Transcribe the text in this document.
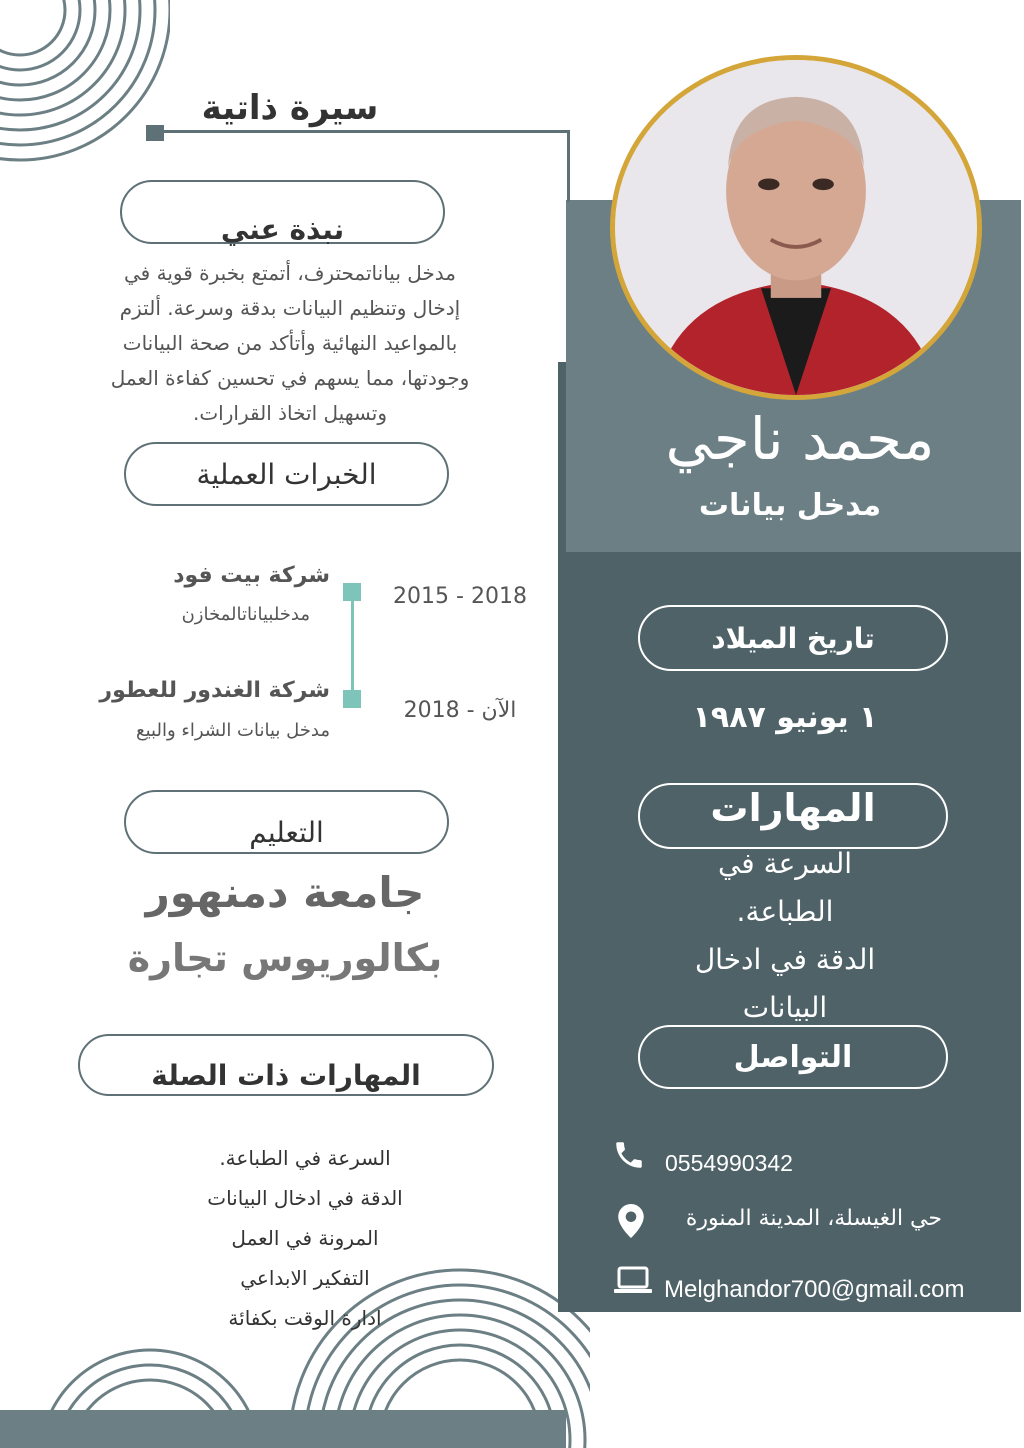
سيرة ذاتية
محمد ناجي
مدخل بيانات
نبذة عني
مدخل بياناتمحترف، أتمتع بخبرة قوية في
إدخال وتنظيم البيانات بدقة وسرعة. ألتزم
بالمواعيد النهائية وأتأكد من صحة البيانات
وجودتها، مما يسهم في تحسين كفاءة العمل
وتسهيل اتخاذ القرارات.
الخبرات العملية
شركة بيت فود
مدخلبياناتالمخازن
2015 - 2018
شركة الغندور للعطور
مدخل بيانات الشراء والبيع
2018 - الآن
التعليم
جامعة دمنهور
بكالوريوس تجارة
المهارات ذات الصلة
السرعة في الطباعة.
الدقة في ادخال البيانات
المرونة في العمل
التفكير الابداعي
ادارة الوقت بكفائة
تاريخ الميلاد
١ يونيو ١٩٨٧
المهارات
السرعة في
الطباعة.
الدقة في ادخال
البيانات
التواصل
0554990342
حي الغيسلة، المدينة المنورة
Melghandor700@gmail.com
